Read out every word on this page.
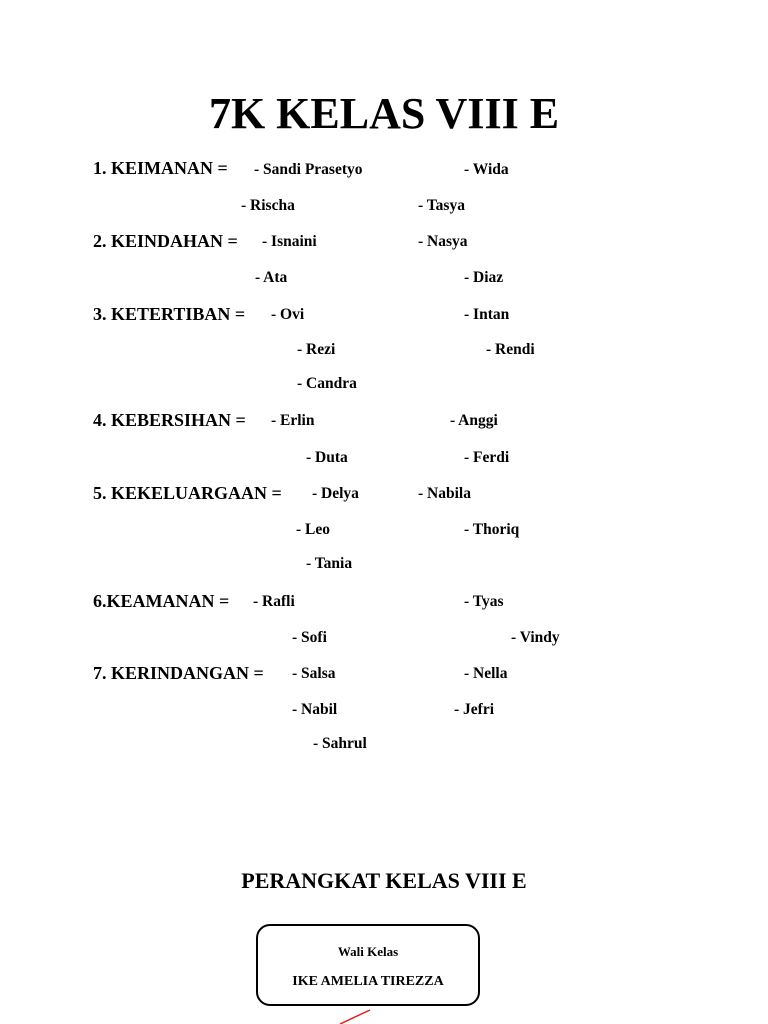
7K KELAS VIII E
1. KEIMANAN = - Sandi Prasetyo	- Wida
- Rischa	- Tasya
2. KEINDAHAN = - Isnaini	- Nasya
- Ata	- Diaz
3. KETERTIBAN = - Ovi	- Intan
- Rezi	- Rendi
- Candra
4. KEBERSIHAN = - Erlin	- Anggi
- Duta	- Ferdi
5. KEKELUARGAAN = - Delya	- Nabila
- Leo	- Thoriq
- Tania
6.KEAMANAN = - Rafli	- Tyas
- Sofi	- Vindy
7. KERINDANGAN = - Salsa	- Nella
- Nabil	- Jefri
- Sahrul
PERANGKAT KELAS VIII E
Wali Kelas
IKE AMELIA TIREZZA
